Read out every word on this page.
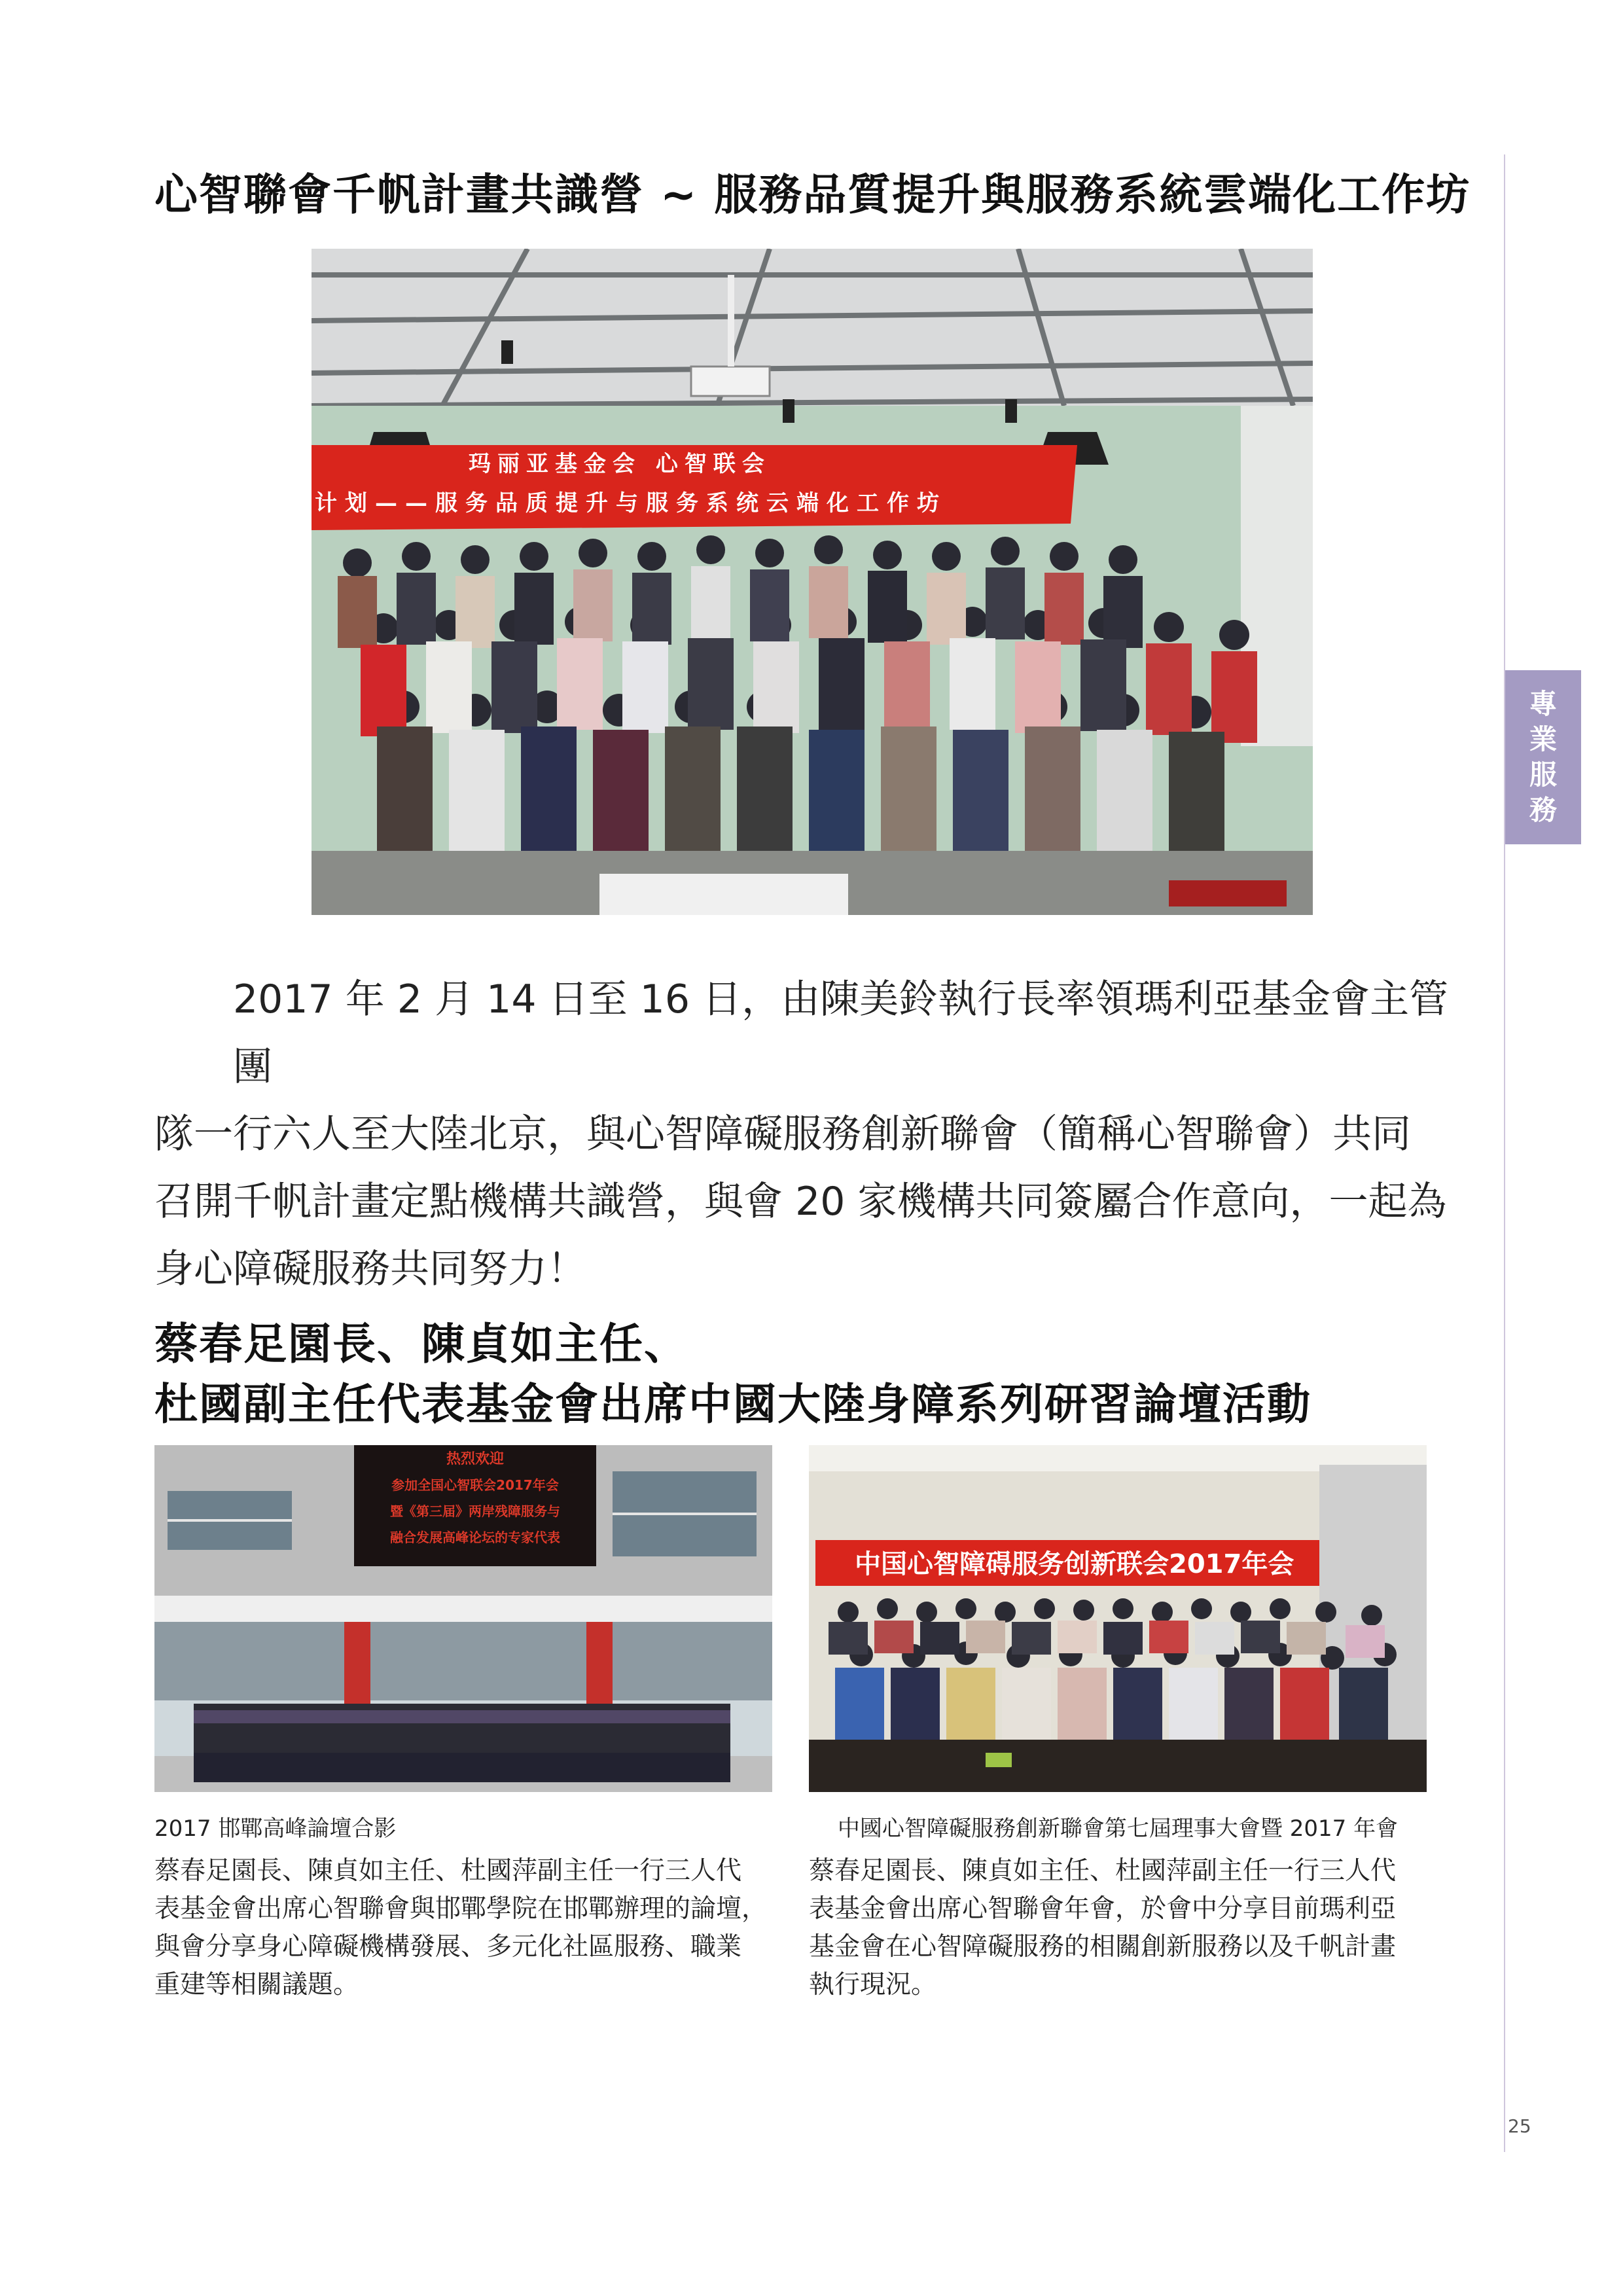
心智聯會千帆計畫共識營 ~ 服務品質提升與服務系統雲端化工作坊
玛丽亚基金会 心智联会
计划——服务品质提升与服务系统云端化工作坊

2017 年 2 月 14 日至 16 日，由陳美鈴執行長率領瑪利亞基金會主管團

隊一行六人至大陸北京，與心智障礙服務創新聯會（簡稱心智聯會）共同

召開千帆計畫定點機構共識營，與會 20 家機構共同簽屬合作意向，一起為

身心障礙服務共同努力！

蔡春足園長、陳貞如主任、
杜國副主任代表基金會出席中國大陸身障系列研習論壇活動
热烈欢迎
参加全国心智联会2017年会
暨《第三届》两岸残障服务与
融合发展高峰论坛的专家代表
中国心智障碍服务创新联会2017年会
2017 邯鄲高峰論壇合影	中國心智障礙服務創新聯會第七屆理事大會暨 2017 年會

蔡春足園長、陳貞如主任、杜國萍副主任一行三人代

表基金會出席心智聯會與邯鄲學院在邯鄲辦理的論壇，

與會分享身心障礙機構發展、多元化社區服務、職業

重建等相關議題。

蔡春足園長、陳貞如主任、杜國萍副主任一行三人代

表基金會出席心智聯會年會，於會中分享目前瑪利亞

基金會在心智障礙服務的相關創新服務以及千帆計畫

執行現況。

專
業
服
務
25
